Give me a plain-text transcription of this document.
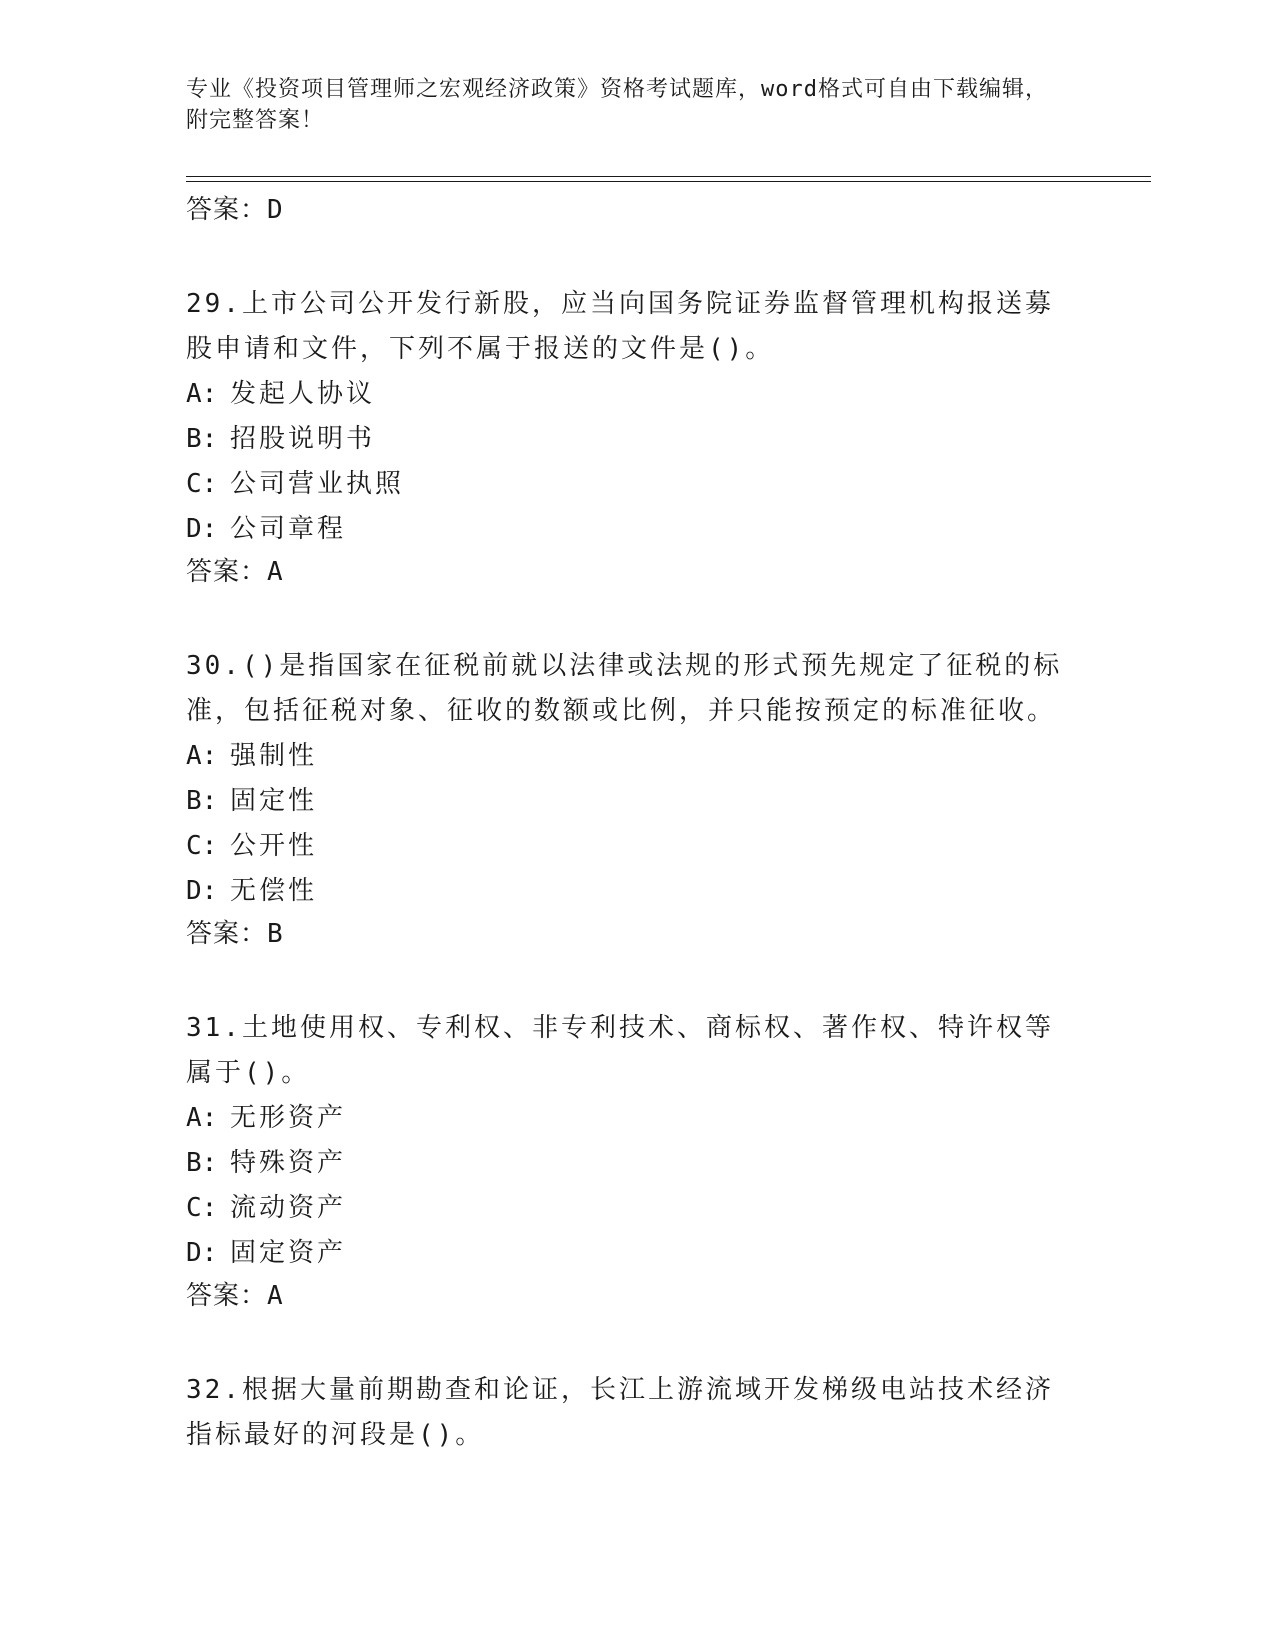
专业《投资项目管理师之宏观经济政策》资格考试题库，word格式可自由下载编辑，附完整答案！

答案：D

29.上市公司公开发行新股，应当向国务院证券监督管理机构报送募股申请和文件，下列不属于报送的文件是()。

A: 发起人协议

B: 招股说明书

C: 公司营业执照

D: 公司章程

答案：A

30.()是指国家在征税前就以法律或法规的形式预先规定了征税的标准，包括征税对象、征收的数额或比例，并只能按预定的标准征收。

A: 强制性

B: 固定性

C: 公开性

D: 无偿性

答案：B

31.土地使用权、专利权、非专利技术、商标权、著作权、特许权等属于()。

A: 无形资产

B: 特殊资产

C: 流动资产

D: 固定资产

答案：A

32.根据大量前期勘查和论证，长江上游流域开发梯级电站技术经济指标最好的河段是()。
